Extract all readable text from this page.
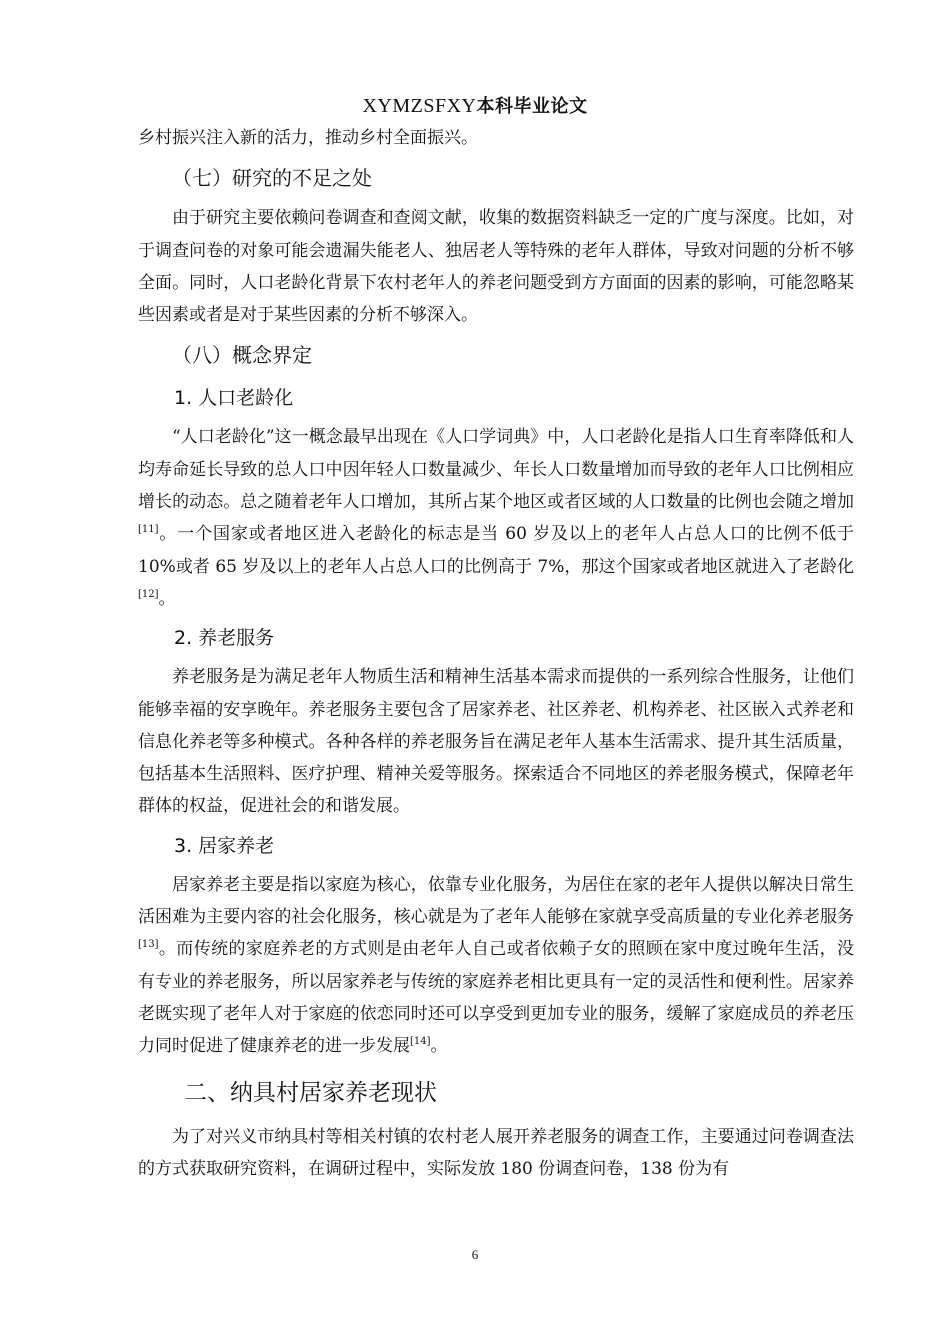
XYMZSFXY本科毕业论文

乡村振兴注入新的活力，推动乡村全面振兴。

（七）研究的不足之处

由于研究主要依赖问卷调查和查阅文献，收集的数据资料缺乏一定的广度与深度。比如，对于调查问卷的对象可能会遗漏失能老人、独居老人等特殊的老年人群体，导致对问题的分析不够全面。同时，人口老龄化背景下农村老年人的养老问题受到方方面面的因素的影响，可能忽略某些因素或者是对于某些因素的分析不够深入。

（八）概念界定
1. 人口老龄化

“人口老龄化”这一概念最早出现在《人口学词典》中，人口老龄化是指人口生育率降低和人均寿命延长导致的总人口中因年轻人口数量减少、年长人口数量增加而导致的老年人口比例相应增长的动态。总之随着老年人口增加，其所占某个地区或者区域的人口数量的比例也会随之增加[11]。一个国家或者地区进入老龄化的标志是当 60 岁及以上的老年人占总人口的比例不低于 10%或者 65 岁及以上的老年人占总人口的比例高于 7%，那这个国家或者地区就进入了老龄化[12]。

2. 养老服务

养老服务是为满足老年人物质生活和精神生活基本需求而提供的一系列综合性服务，让他们能够幸福的安享晚年。养老服务主要包含了居家养老、社区养老、机构养老、社区嵌入式养老和信息化养老等多种模式。各种各样的养老服务旨在满足老年人基本生活需求、提升其生活质量，包括基本生活照料、医疗护理、精神关爱等服务。探索适合不同地区的养老服务模式，保障老年群体的权益，促进社会的和谐发展。

3. 居家养老

居家养老主要是指以家庭为核心，依靠专业化服务，为居住在家的老年人提供以解决日常生活困难为主要内容的社会化服务，核心就是为了老年人能够在家就享受高质量的专业化养老服务[13]。而传统的家庭养老的方式则是由老年人自己或者依赖子女的照顾在家中度过晚年生活，没有专业的养老服务，所以居家养老与传统的家庭养老相比更具有一定的灵活性和便利性。居家养老既实现了老年人对于家庭的依恋同时还可以享受到更加专业的服务，缓解了家庭成员的养老压力同时促进了健康养老的进一步发展[14]。

二、纳具村居家养老现状

为了对兴义市纳具村等相关村镇的农村老人展开养老服务的调查工作，主要通过问卷调查法的方式获取研究资料，在调研过程中，实际发放 180 份调查问卷，138 份为有

6
